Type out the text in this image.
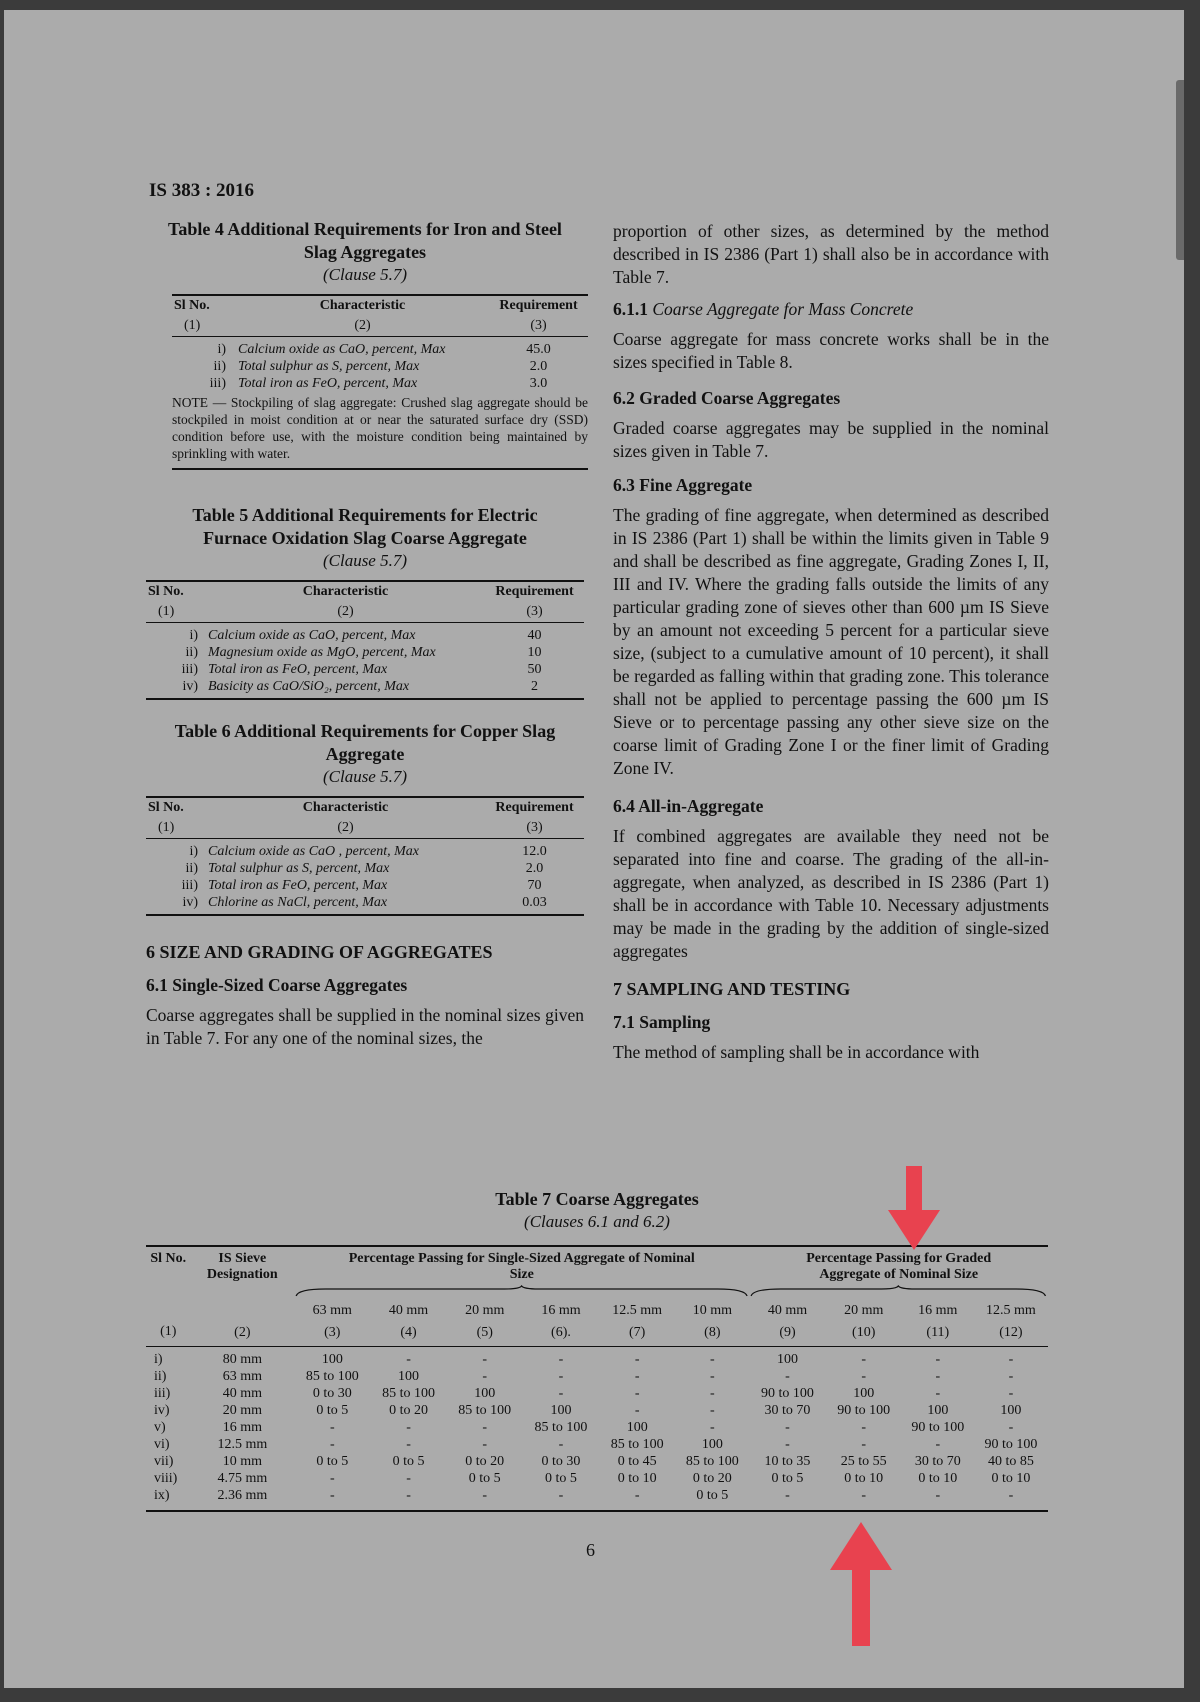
IS 383 : 2016
Table 4 Additional Requirements for Iron and Steel
Slag Aggregates
(Clause 5.7)
Sl No.	Characteristic	Requirement
(1)	(2)	(3)

i)	Calcium oxide as CaO, percent, Max	45.0
ii)	Total sulphur as S, percent, Max	2.0
iii)	Total iron as FeO, percent, Max	3.0
NOTE — Stockpiling of slag aggregate: Crushed slag aggregate should be stockpiled in moist condition at or near the saturated surface dry (SSD) condition before use, with the moisture condition being maintained by sprinkling with water.
Table 5 Additional Requirements for Electric
Furnace Oxidation Slag Coarse Aggregate
(Clause 5.7)
Sl No.	Characteristic	Requirement
(1)	(2)	(3)

i)	Calcium oxide as CaO, percent, Max	40
ii)	Magnesium oxide as MgO, percent, Max	10
iii)	Total iron as FeO, percent, Max	50
iv)	Basicity as CaO/SiO₂, percent, Max	2
Table 6 Additional Requirements for Copper Slag
Aggregate
(Clause 5.7)
Sl No.	Characteristic	Requirement
(1)	(2)	(3)

i)	Calcium oxide as CaO , percent, Max	12.0
ii)	Total sulphur as S, percent, Max	2.0
iii)	Total iron as FeO, percent, Max	70
iv)	Chlorine as NaCl, percent, Max	0.03
6 SIZE AND GRADING OF AGGREGATES
6.1 Single-Sized Coarse Aggregates

Coarse aggregates shall be supplied in the nominal sizes given in Table 7. For any one of the nominal sizes, the

proportion of other sizes, as determined by the method described in IS 2386 (Part 1) shall also be in accordance with Table 7.

6.1.1 Coarse Aggregate for Mass Concrete

Coarse aggregate for mass concrete works shall be in the sizes specified in Table 8.

6.2 Graded Coarse Aggregates

Graded coarse aggregates may be supplied in the nominal sizes given in Table 7.

6.3 Fine Aggregate

The grading of fine aggregate, when determined as described in IS 2386 (Part 1) shall be within the limits given in Table 9 and shall be described as fine aggregate, Grading Zones I, II, III and IV. Where the grading falls outside the limits of any particular grading zone of sieves other than 600 µm IS Sieve by an amount not exceeding 5 percent for a particular sieve size, (subject to a cumulative amount of 10 percent), it shall be regarded as falling within that grading zone. This tolerance shall not be applied to percentage passing the 600 µm IS Sieve or to percentage passing any other sieve size on the coarse limit of Grading Zone I or the finer limit of Grading Zone IV.

6.4 All-in-Aggregate

If combined aggregates are available they need not be separated into fine and coarse. The grading of the all-in-aggregate, when analyzed, as described in IS 2386 (Part 1) shall be in accordance with Table 10. Necessary adjustments may be made in the grading by the addition of single-sized aggregates

7 SAMPLING AND TESTING
7.1 Sampling

The method of sampling shall be in accordance with

Table 7 Coarse Aggregates
(Clauses 6.1 and 6.2)
Sl No.	IS Sieve Designation	Percentage Passing for Single-Sized Aggregate of Nominal Size						Percentage Passing for Graded Aggregate of Nominal Size			

		63 mm	40 mm	20 mm	16 mm	12.5 mm	10 mm	40 mm	20 mm	16 mm	12.5 mm
(1)	(2)	(3)	(4)	(5)	(6).	(7)	(8)	(9)	(10)	(11)	(12)
i)	80 mm	100	-	-	-	-	-	100	-	-	-
ii)	63 mm	85 to 100	100	-	-	-	-	-	-	-	-
iii)	40 mm	0 to 30	85 to 100	100	-	-	-	90 to 100	100	-	-
iv)	20 mm	0 to 5	0 to 20	85 to 100	100	-	-	30 to 70	90 to 100	100	100
v)	16 mm	-	-	-	85 to 100	100	-	-	-	90 to 100	-
vi)	12.5 mm	-	-	-	-	85 to 100	100	-	-	-	90 to 100
vii)	10 mm	0 to 5	0 to 5	0 to 20	0 to 30	0 to 45	85 to 100	10 to 35	25 to 55	30 to 70	40 to 85
viii)	4.75 mm	-	-	0 to 5	0 to 5	0 to 10	0 to 20	0 to 5	0 to 10	0 to 10	0 to 10
ix)	2.36 mm	-	-	-	-	-	0 to 5	-	-	-	-
6
